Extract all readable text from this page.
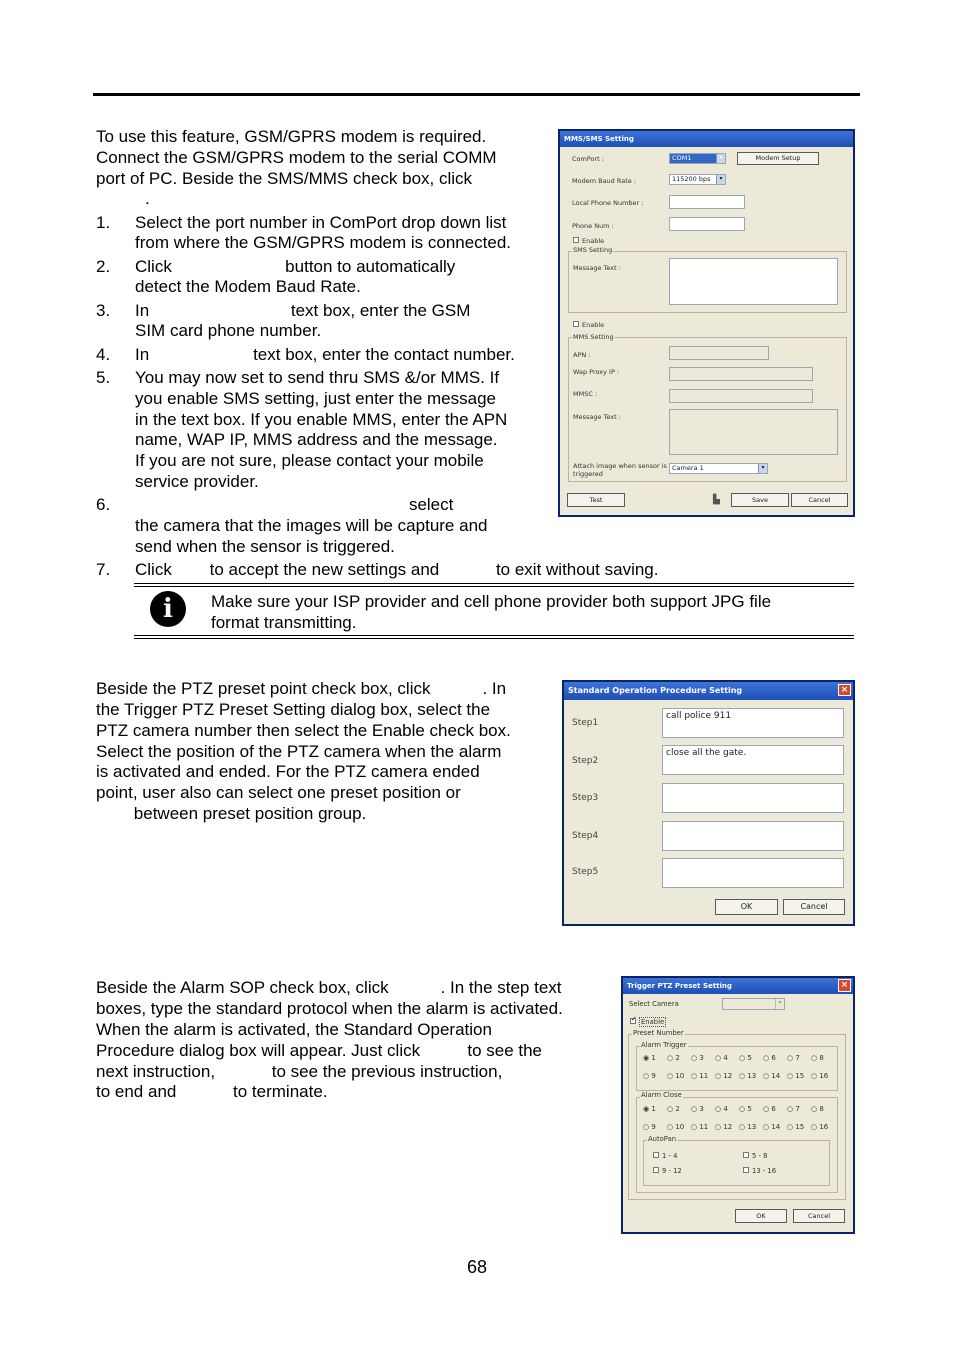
To use this feature, GSM/GPRS modem is required.
Connect the GSM/GPRS modem to the serial COMM
port of PC. Beside the SMS/MMS check box, click
.
1. Select the port number in ComPort drop down list
from where the GSM/GPRS modem is connected.
2. Click                        button to automatically
detect the Modem Baud Rate.
3. In                              text box, enter the GSM
SIM card phone number.
4. In                      text box, enter the contact number.
5. You may now set to send thru SMS &/or MMS. If
you enable SMS setting, just enter the message
in the text box. If you enable MMS, enter the APN
name, WAP IP, MMS address and the message.
If you are not sure, please contact your mobile
service provider.
6. select
the camera that the images will be capture and
send when the sensor is triggered.
7. Click        to accept the new settings and            to exit without saving.
i	Make sure your ISP provider and cell phone provider both support JPG file
format transmitting.
MMS/SMS Setting
ComPort :	COM1	▾	Modem Setup
Modem Baud Rate :	115200 bps	▾
Local Phone Number :
Phone Num :
Enable
SMS Setting
Message Text :
Enable
MMS Setting
APN :
Wap Proxy IP :
MMSC :
Message Text :
Attach image when sensor is
triggered
Camera 1	▾
Test	▙	Save	Cancel
Beside the PTZ preset point check box, click           . In
the Trigger PTZ Preset Setting dialog box, select the
PTZ camera number then select the Enable check box.
Select the position of the PTZ camera when the alarm
is activated and ended. For the PTZ camera ended
point, user also can select one preset position or
between preset position group.
Standard Operation Procedure Setting	×
Step1
call police 911
Step2
close all the gate.
Step3
Step4
Step5
OK	Cancel
Beside the Alarm SOP check box, click           . In the step text
boxes, type the standard protocol when the alarm is activated.
When the alarm is activated, the Standard Operation
Procedure dialog box will appear. Just click          to see the
next instruction,            to see the previous instruction,
to end and            to terminate.
Trigger PTZ Preset Setting	×
Select Camera	▾
✓ Enable
Preset Number
Alarm Trigger
◉ 1 ○ 2 ○ 3 ○ 4 ○ 5 ○ 6 ○ 7 ○ 8
○ 9 ○ 10 ○ 11 ○ 12 ○ 13 ○ 14 ○ 15 ○ 16
Alarm Close
◉ 1 ○ 2 ○ 3 ○ 4 ○ 5 ○ 6 ○ 7 ○ 8
○ 9 ○ 10 ○ 11 ○ 12 ○ 13 ○ 14 ○ 15 ○ 16
AutoPan
1 - 4	5 - 8
9 - 12	13 - 16
OK	Cancel
68
